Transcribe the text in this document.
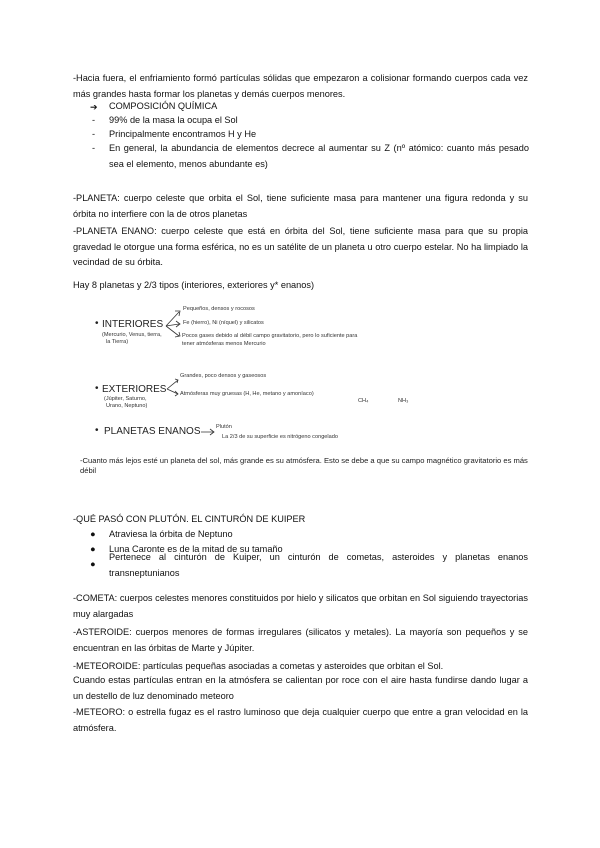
-Hacia fuera, el enfriamiento formó partículas sólidas que empezaron a colisionar formando cuerpos cada vez más grandes hasta formar los planetas y demás cuerpos menores.
➔ COMPOSICIÓN QUÍMICA
- 99% de la masa la ocupa el Sol
- Principalmente encontramos H y He
- En general, la abundancia de elementos decrece al aumentar su Z (nº atómico: cuanto más pesado sea el elemento, menos abundante es)
-PLANETA: cuerpo celeste que orbita el Sol, tiene suficiente masa para mantener una figura redonda y su órbita no interfiere con la de otros planetas
-PLANETA ENANO: cuerpo celeste que está en órbita del Sol, tiene suficiente masa para que su propia gravedad le otorgue una forma esférica, no es un satélite de un planeta u otro cuerpo estelar. No ha limpiado la vecindad de su órbita.
Hay 8 planetas y 2/3 tipos (interiores, exteriores y* enanos)
• INTERIORES
(Mercurio, Venus, tierra,
la Tierra)
Pequeños, densos y rocosos
Fe (hierro), Ni (níquel) y silicatos
Pocos gases debido al débil campo gravitatorio, pero lo suficiente para
tener atmósferas menos Mercurio
• EXTERIORES
(Júpiter, Saturno,
Urano, Neptuno)
Grandes, poco densos y gaseosos
Atmósferas muy gruesas (H, He, metano y amoníaco)
CH₄	NH₃
• PLANETAS ENANOS	Plutón
La 2/3 de su superficie es nitrógeno congelado
-Cuanto más lejos esté un planeta del sol, más grande es su atmósfera. Esto se debe a que su campo magnético gravitatorio es más débil
-QUÉ PASÓ CON PLUTÓN. EL CINTURÓN DE KUIPER
● Atraviesa la órbita de Neptuno
● Luna Caronte es de la mitad de su tamaño
●
Pertenece al cinturón de Kuiper, un cinturón de cometas, asteroides y planetas enanos transneptunianos
-COMETA: cuerpos celestes menores constituidos por hielo y silicatos que orbitan en Sol siguiendo trayectorias muy alargadas
-ASTEROIDE: cuerpos menores de formas irregulares (silicatos y metales). La mayoría son pequeños y se encuentran en las órbitas de Marte y Júpiter.
-METEOROIDE: partículas pequeñas asociadas a cometas y asteroides que orbitan el Sol.
Cuando estas partículas entran en la atmósfera se calientan por roce con el aire hasta fundirse dando lugar a un destello de luz denominado meteoro
-METEORO: o estrella fugaz es el rastro luminoso que deja cualquier cuerpo que entre a gran velocidad en la atmósfera.
